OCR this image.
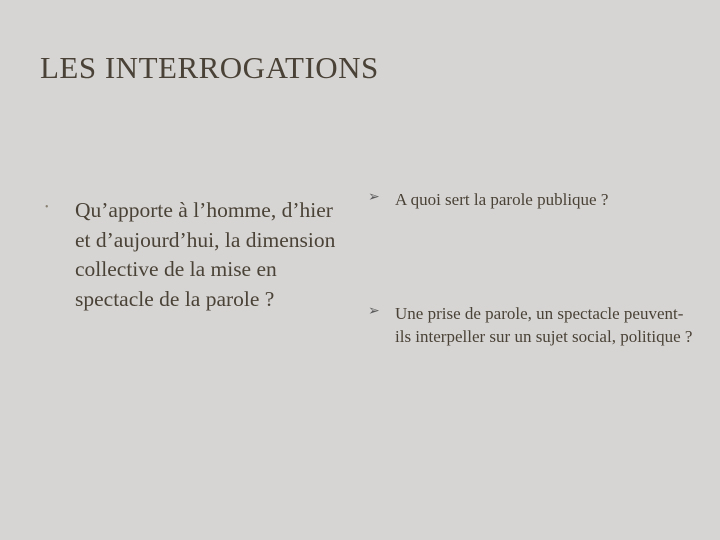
LES INTERROGATIONS
• Qu’apporte à l’homme, d’hier et d’aujourd’hui, la dimension collective de la mise en spectacle de la parole ?
➢ A quoi sert la parole publique ?
➢ Une prise de parole, un spectacle peuvent-ils interpeller sur un sujet social, politique ?
